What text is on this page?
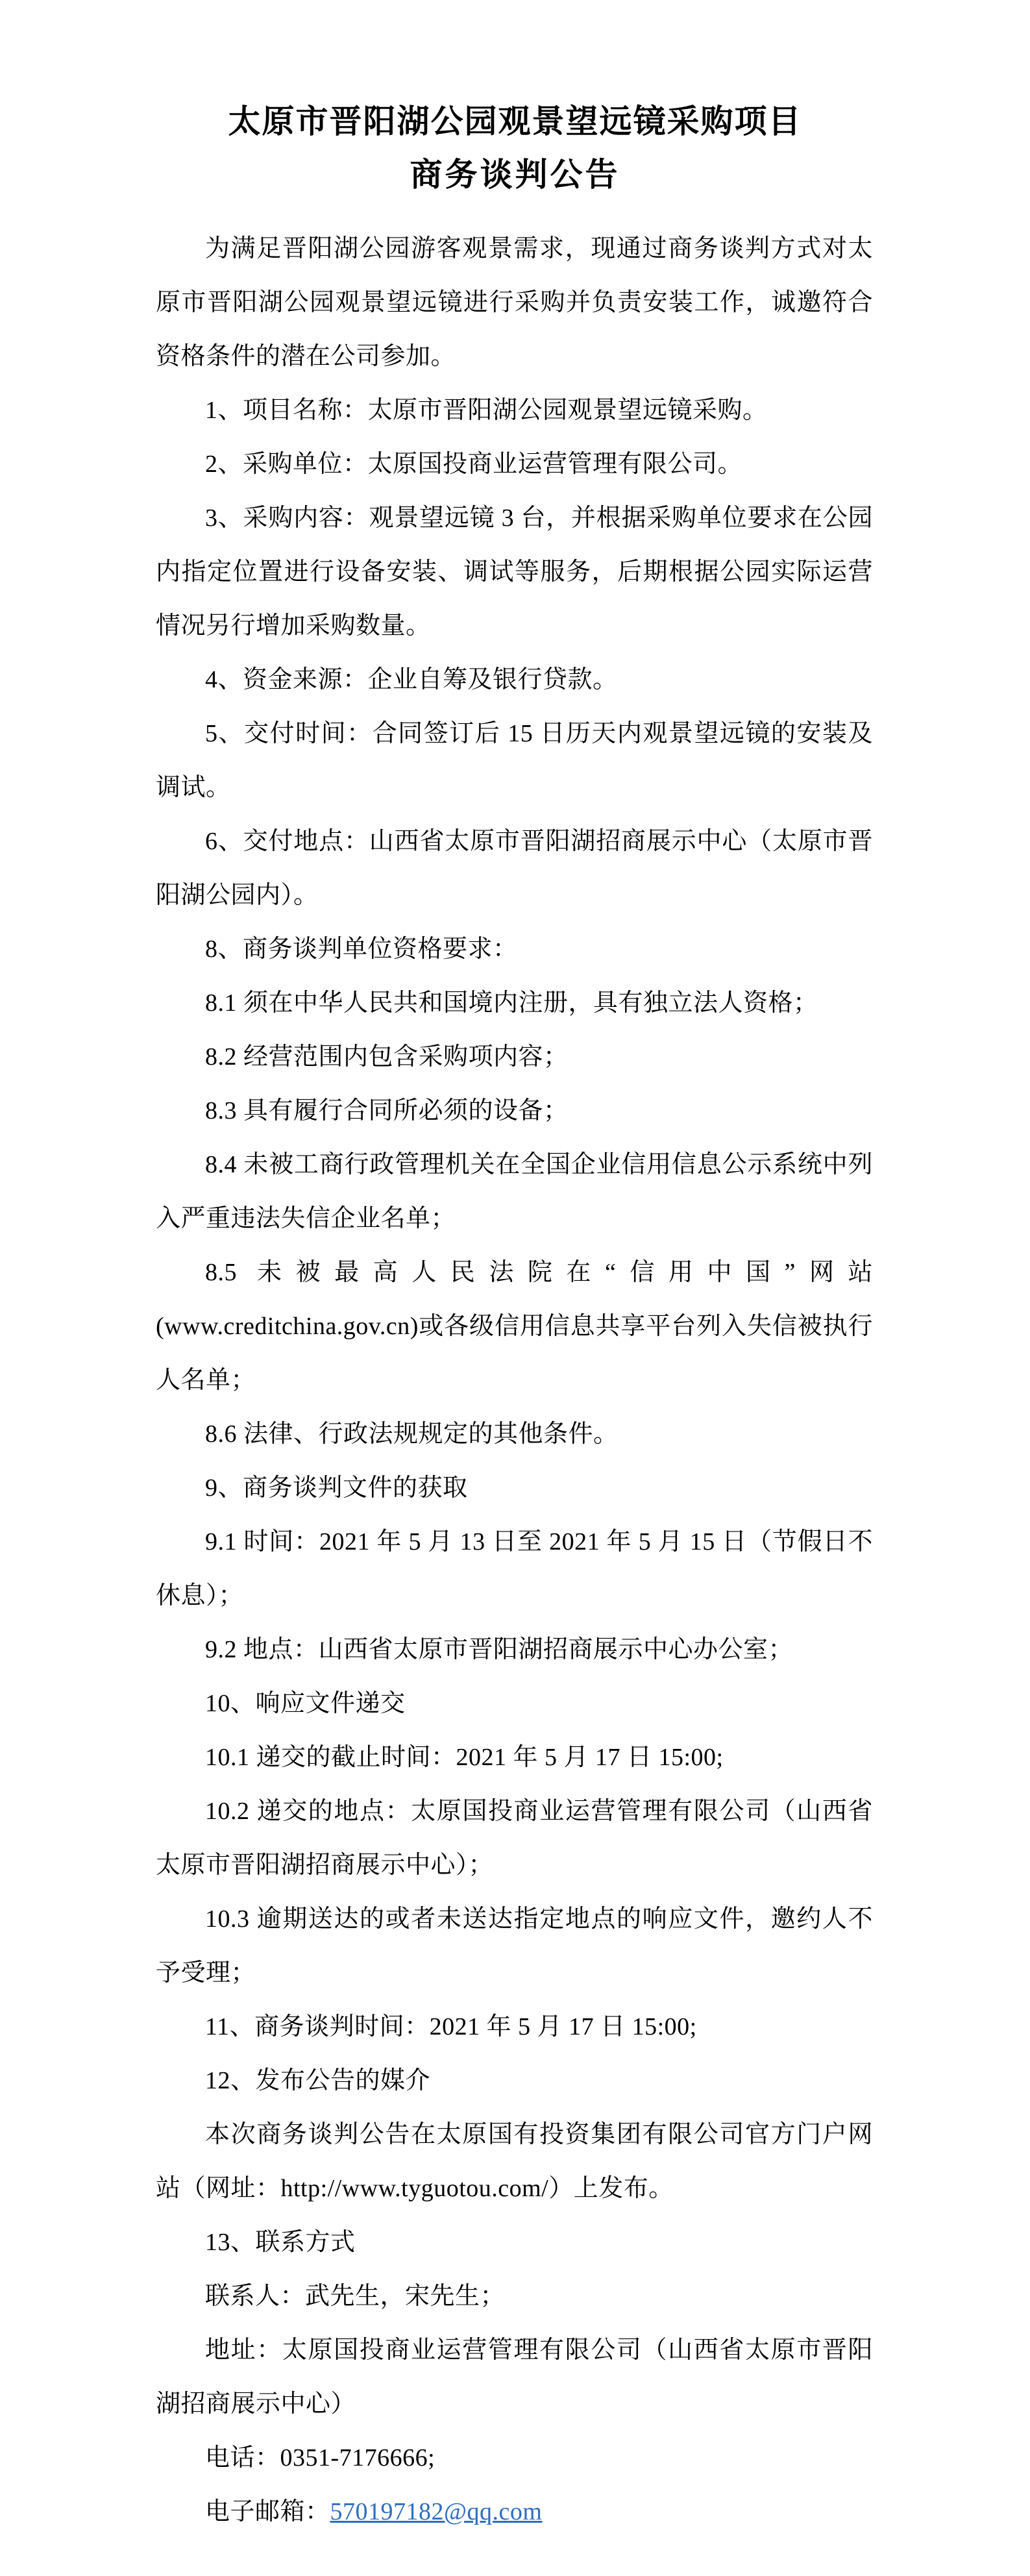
太原市晋阳湖公园观景望远镜采购项目
商务谈判公告

为满足晋阳湖公园游客观景需求，现通过商务谈判方式对太原市晋阳湖公园观景望远镜进行采购并负责安装工作，诚邀符合资格条件的潜在公司参加。

1、项目名称：太原市晋阳湖公园观景望远镜采购。

2、采购单位：太原国投商业运营管理有限公司。

3、采购内容：观景望远镜 3 台，并根据采购单位要求在公园内指定位置进行设备安装、调试等服务，后期根据公园实际运营情况另行增加采购数量。

4、资金来源：企业自筹及银行贷款。

5、交付时间：合同签订后 15 日历天内观景望远镜的安装及调试。

6、交付地点：山西省太原市晋阳湖招商展示中心（太原市晋阳湖公园内）。

8、商务谈判单位资格要求：

8.1 须在中华人民共和国境内注册，具有独立法人资格；

8.2 经营范围内包含采购项内容；

8.3 具有履行合同所必须的设备；

8.4 未被工商行政管理机关在全国企业信用信息公示系统中列入严重违法失信企业名单；

8.5 未被最高人民法院在“信用中国”网站(www.creditchina.gov.cn)或各级信用信息共享平台列入失信被执行人名单；

8.6 法律、行政法规规定的其他条件。

9、商务谈判文件的获取

9.1 时间：2021 年 5 月 13 日至 2021 年 5 月 15 日（节假日不休息）；

9.2 地点：山西省太原市晋阳湖招商展示中心办公室；

10、响应文件递交

10.1 递交的截止时间：2021 年 5 月 17 日 15:00;

10.2 递交的地点：太原国投商业运营管理有限公司（山西省太原市晋阳湖招商展示中心）；

10.3 逾期送达的或者未送达指定地点的响应文件，邀约人不予受理；

11、商务谈判时间：2021 年 5 月 17 日 15:00;

12、发布公告的媒介

本次商务谈判公告在太原国有投资集团有限公司官方门户网站（网址：http://www.tyguotou.com/）上发布。

13、联系方式

联系人：武先生，宋先生；

地址：太原国投商业运营管理有限公司（山西省太原市晋阳湖招商展示中心）

电话：0351-7176666;

电子邮箱：570197182@qq.com
